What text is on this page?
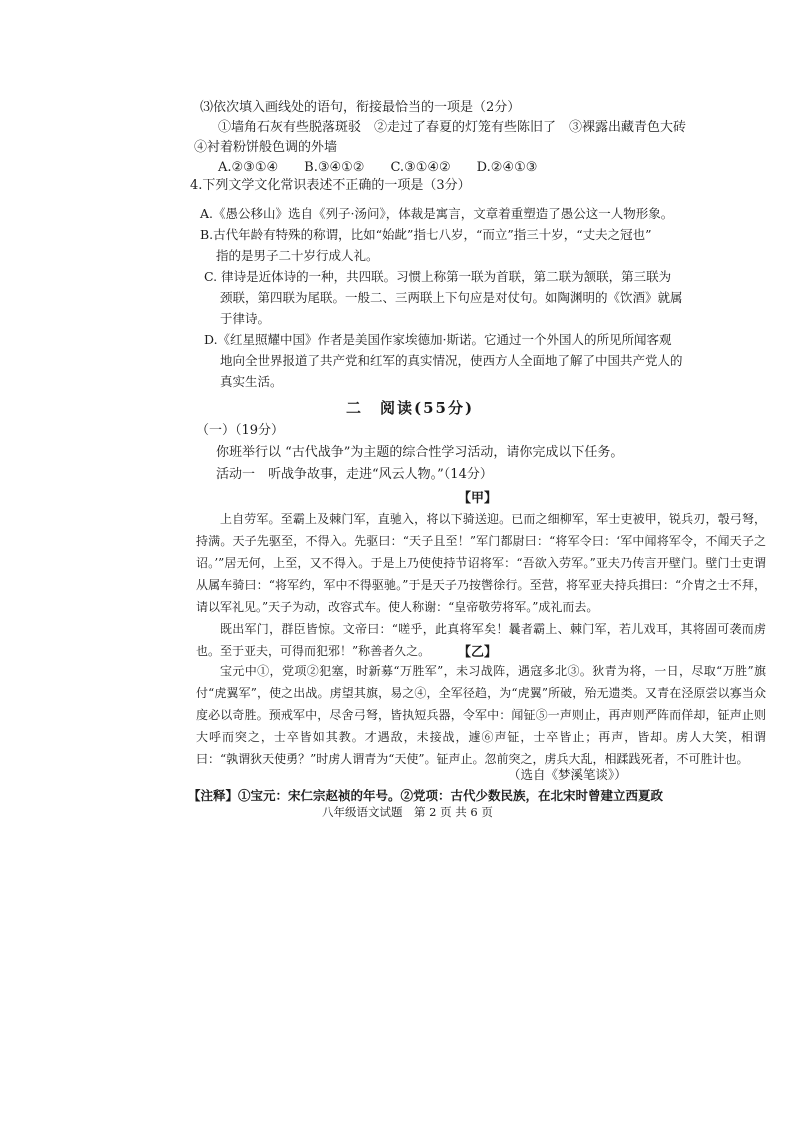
⑶依次填入画线处的语句，衔接最恰当的一项是（2分）
①墙角石灰有些脱落斑驳　②走过了春夏的灯笼有些陈旧了　③裸露出藏青色大砖
④衬着粉饼般色调的外墙
A.②③①④　　B.③④①②　　C.③①④②　　D.②④①③
4.下列文学文化常识表述不正确的一项是（3分）
A.《愚公移山》选自《列子·汤问》，体裁是寓言，文章着重塑造了愚公这一人物形象。
B.古代年龄有特殊的称谓，比如“始龀”指七八岁，“而立”指三十岁，“丈夫之冠也”
指的是男子二十岁行成人礼。
C. 律诗是近体诗的一种，共四联。习惯上称第一联为首联，第二联为颔联，第三联为
颈联，第四联为尾联。一般二、三两联上下句应是对仗句。如陶渊明的《饮酒》就属
于律诗。
D.《红星照耀中国》作者是美国作家埃德加·斯诺。它通过一个外国人的所见所闻客观
地向全世界报道了共产党和红军的真实情况，使西方人全面地了解了中国共产党人的
真实生活。
二　阅读(55分)
（一）（19分）
你班举行以 “古代战争”为主题的综合性学习活动，请你完成以下任务。
活动一　听战争故事，走进“风云人物。”（14分）
【甲】

上自劳军。至霸上及棘门军，直驰入，将以下骑送迎。已而之细柳军，军士吏被甲，锐兵刃，彀弓弩，持满。天子先驱至，不得入。先驱曰：“天子且至！”军门都尉曰：“将军令曰：‘军中闻将军令，不闻天子之诏。’”居无何，上至，又不得入。于是上乃使使持节诏将军：“吾欲入劳军。”亚夫乃传言开壁门。壁门士吏谓从属车骑曰：“将军约，军中不得驱驰。”于是天子乃按辔徐行。至营，将军亚夫持兵揖曰：“介胄之士不拜，请以军礼见。”天子为动，改容式车。使人称谢：“皇帝敬劳将军。”成礼而去。

既出军门，群臣皆惊。文帝曰：“嗟乎，此真将军矣！曩者霸上、棘门军，若儿戏耳，其将固可袭而虏也。至于亚夫，可得而犯邪！”称善者久之。	【乙】

宝元中①，党项②犯塞，时新募“万胜军”，未习战阵，遇寇多北③。狄青为将，一日，尽取“万胜”旗付“虎翼军”，使之出战。虏望其旗，易之④，全军径趋，为“虎翼”所破，殆无遗类。又青在泾原尝以寡当众度必以奇胜。预戒军中，尽舍弓弩，皆执短兵器，令军中：闻钲⑤一声则止，再声则严阵而佯却，钲声止则大呼而突之，士卒皆如其教。才遇敌，未接战，遽⑥声钲，士卒皆止；再声，皆却。虏人大笑，相谓曰：“孰谓狄天使勇？”时虏人谓青为“天使”。钲声止。忽前突之，虏兵大乱，相蹂践死者，不可胜计也。

（选自《梦溪笔谈》）
【注释】①宝元：宋仁宗赵祯的年号。②党项：古代少数民族，在北宋时曾建立西夏政
八年级语文试题　第 2 页 共 6 页
